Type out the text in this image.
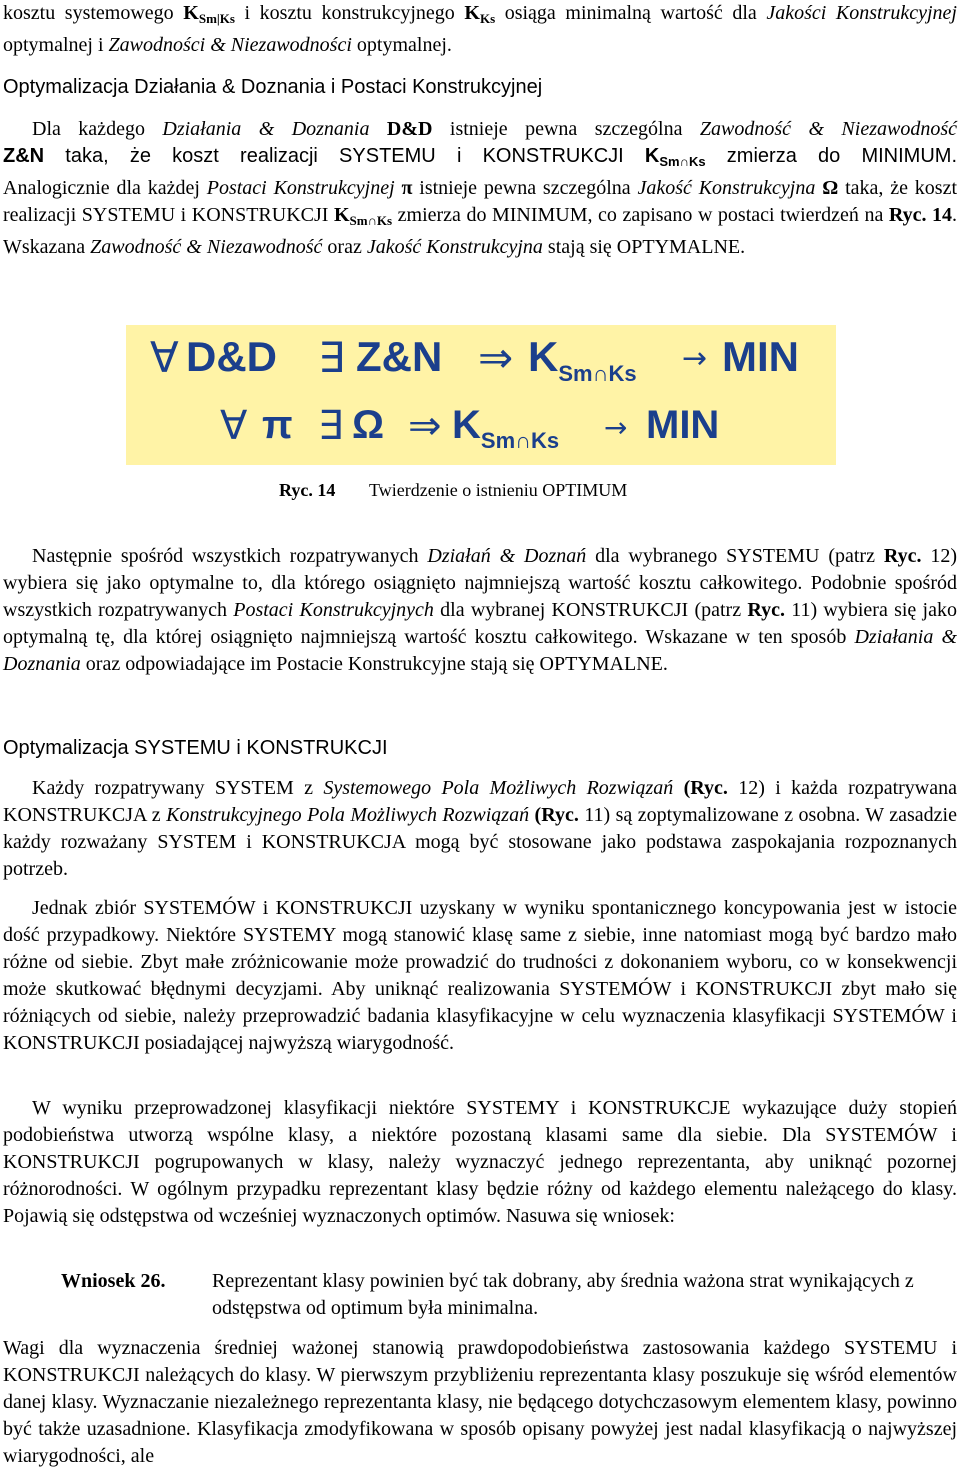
kosztu systemowego $K_{Sm|Ks}$ i kosztu konstrukcyjnego $K_{Ks}$ osiąga minimalną wartość dla Jakości Konstrukcyjnej optymalnej i Zawodności & Niezawodności optymalnej.

Optymalizacja Działania & Doznania i Postaci Konstrukcyjnej

Dla każdego Działania & Doznania D&D istnieje pewna szczególna Zawodność & Niezawodność
Z&N taka, że koszt realizacji SYSTEMU i KONSTRUKCJI $K_{Sm\cap Ks}$ zmierza do MINIMUM.
Analogicznie dla każdej Postaci Konstrukcyjnej π istnieje pewna szczególna Jakość Konstrukcyjna Ω taka, że koszt realizacji SYSTEMU i KONSTRUKCJI $K_{Sm\cap Ks}$ zmierza do MINIMUM, co zapisano w postaci twierdzeń na Ryc. 14. Wskazana Zawodność & Niezawodność oraz Jakość Konstrukcyjna stają się OPTYMALNE.

∀ D&D ∃ Z&N ⇒ $K_{Sm\cap Ks}$ → MIN
∀ π ∃ Ω ⇒ $K_{Sm\cap Ks}$ → MIN
Ryc. 14 Twierdzenie o istnieniu OPTIMUM

Następnie spośród wszystkich rozpatrywanych Działań & Doznań dla wybranego SYSTEMU (patrz Ryc. 12) wybiera się jako optymalne to, dla którego osiągnięto najmniejszą wartość kosztu całkowitego. Podobnie spośród wszystkich rozpatrywanych Postaci Konstrukcyjnych dla wybranej KONSTRUKCJI (patrz Ryc. 11) wybiera się jako optymalną tę, dla której osiągnięto najmniejszą wartość kosztu całkowitego. Wskazane w ten sposób Działania & Doznania oraz odpowiadające im Postacie Konstrukcyjne stają się OPTYMALNE.

Optymalizacja SYSTEMU i KONSTRUKCJI

Każdy rozpatrywany SYSTEM z Systemowego Pola Możliwych Rozwiązań (Ryc. 12) i każda rozpatrywana KONSTRUKCJA z Konstrukcyjnego Pola Możliwych Rozwiązań (Ryc. 11) są zoptymalizowane z osobna. W zasadzie każdy rozważany SYSTEM i KONSTRUKCJA mogą być stosowane jako podstawa zaspokajania rozpoznanych potrzeb.

Jednak zbiór SYSTEMÓW i KONSTRUKCJI uzyskany w wyniku spontanicznego koncypowania jest w istocie dość przypadkowy. Niektóre SYSTEMY mogą stanowić klasę same z siebie, inne natomiast mogą być bardzo mało różne od siebie. Zbyt małe zróżnicowanie może prowadzić do trudności z dokonaniem wyboru, co w konsekwencji może skutkować błędnymi decyzjami. Aby uniknąć realizowania SYSTEMÓW i KONSTRUKCJI zbyt mało się różniących od siebie, należy przeprowadzić badania klasyfikacyjne w celu wyznaczenia klasyfikacji SYSTEMÓW i KONSTRUKCJI posiadającej najwyższą wiarygodność.

W wyniku przeprowadzonej klasyfikacji niektóre SYSTEMY i KONSTRUKCJE wykazujące duży stopień podobieństwa utworzą wspólne klasy, a niektóre pozostaną klasami same dla siebie. Dla SYSTEMÓW i KONSTRUKCJI pogrupowanych w klasy, należy wyznaczyć jednego reprezentanta, aby uniknąć pozornej różnorodności. W ogólnym przypadku reprezentant klasy będzie różny od każdego elementu należącego do klasy. Pojawią się odstępstwa od wcześniej wyznaczonych optimów. Nasuwa się wniosek:

Wniosek 26. Reprezentant klasy powinien być tak dobrany, aby średnia ważona strat wynikających z odstępstwa od optimum była minimalna.

Wagi dla wyznaczenia średniej ważonej stanowią prawdopodobieństwa zastosowania każdego SYSTEMU i KONSTRUKCJI należących do klasy. W pierwszym przybliżeniu reprezentanta klasy poszukuje się wśród elementów danej klasy. Wyznaczanie niezależnego reprezentanta klasy, nie będącego dotychczasowym elementem klasy, powinno być także uzasadnione. Klasyfikacja zmodyfikowana w sposób opisany powyżej jest nadal klasyfikacją o najwyższej wiarygodności, ale
